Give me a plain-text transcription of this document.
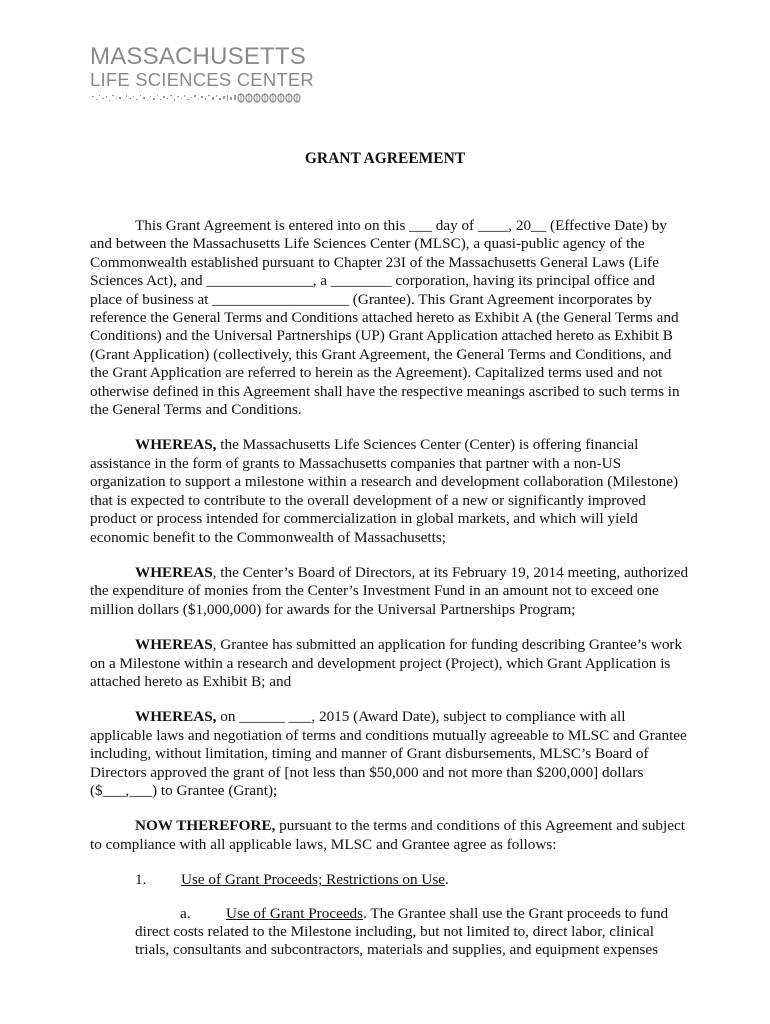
MASSACHUSETTS
LIFE SCIENCES CENTER
GRANT AGREEMENT

This Grant Agreement is entered into on this ___ day of ____, 20__ (Effective Date) by and between the Massachusetts Life Sciences Center (MLSC), a quasi-public agency of the Commonwealth established pursuant to Chapter 23I of the Massachusetts General Laws (Life Sciences Act), and ______________, a ________ corporation, having its principal office and place of business at __________________ (Grantee). This Grant Agreement incorporates by reference the General Terms and Conditions attached hereto as Exhibit A (the General Terms and Conditions) and the Universal Partnerships (UP) Grant Application attached hereto as Exhibit B (Grant Application) (collectively, this Grant Agreement, the General Terms and Conditions, and the Grant Application are referred to herein as the Agreement). Capitalized terms used and not otherwise defined in this Agreement shall have the respective meanings ascribed to such terms in the General Terms and Conditions.

WHEREAS, the Massachusetts Life Sciences Center (Center) is offering financial assistance in the form of grants to Massachusetts companies that partner with a non-US organization to support a milestone within a research and development collaboration (Milestone) that is expected to contribute to the overall development of a new or significantly improved product or process intended for commercialization in global markets, and which will yield economic benefit to the Commonwealth of Massachusetts;

WHEREAS, the Center’s Board of Directors, at its February 19, 2014 meeting, authorized the expenditure of monies from the Center’s Investment Fund in an amount not to exceed one million dollars ($1,000,000) for awards for the Universal Partnerships Program;

WHEREAS, Grantee has submitted an application for funding describing Grantee’s work on a Milestone within a research and development project (Project), which Grant Application is attached hereto as Exhibit B; and

WHEREAS, on ______ ___, 2015 (Award Date), subject to compliance with all applicable laws and negotiation of terms and conditions mutually agreeable to MLSC and Grantee including, without limitation, timing and manner of Grant disbursements, MLSC’s Board of Directors approved the grant of [not less than $50,000 and not more than $200,000] dollars ($___,___) to Grantee (Grant);

NOW THEREFORE, pursuant to the terms and conditions of this Agreement and subject to compliance with all applicable laws, MLSC and Grantee agree as follows:

1. Use of Grant Proceeds; Restrictions on Use.

a. Use of Grant Proceeds. The Grantee shall use the Grant proceeds to fund direct costs related to the Milestone including, but not limited to, direct labor, clinical trials, consultants and subcontractors, materials and supplies, and equipment expenses
